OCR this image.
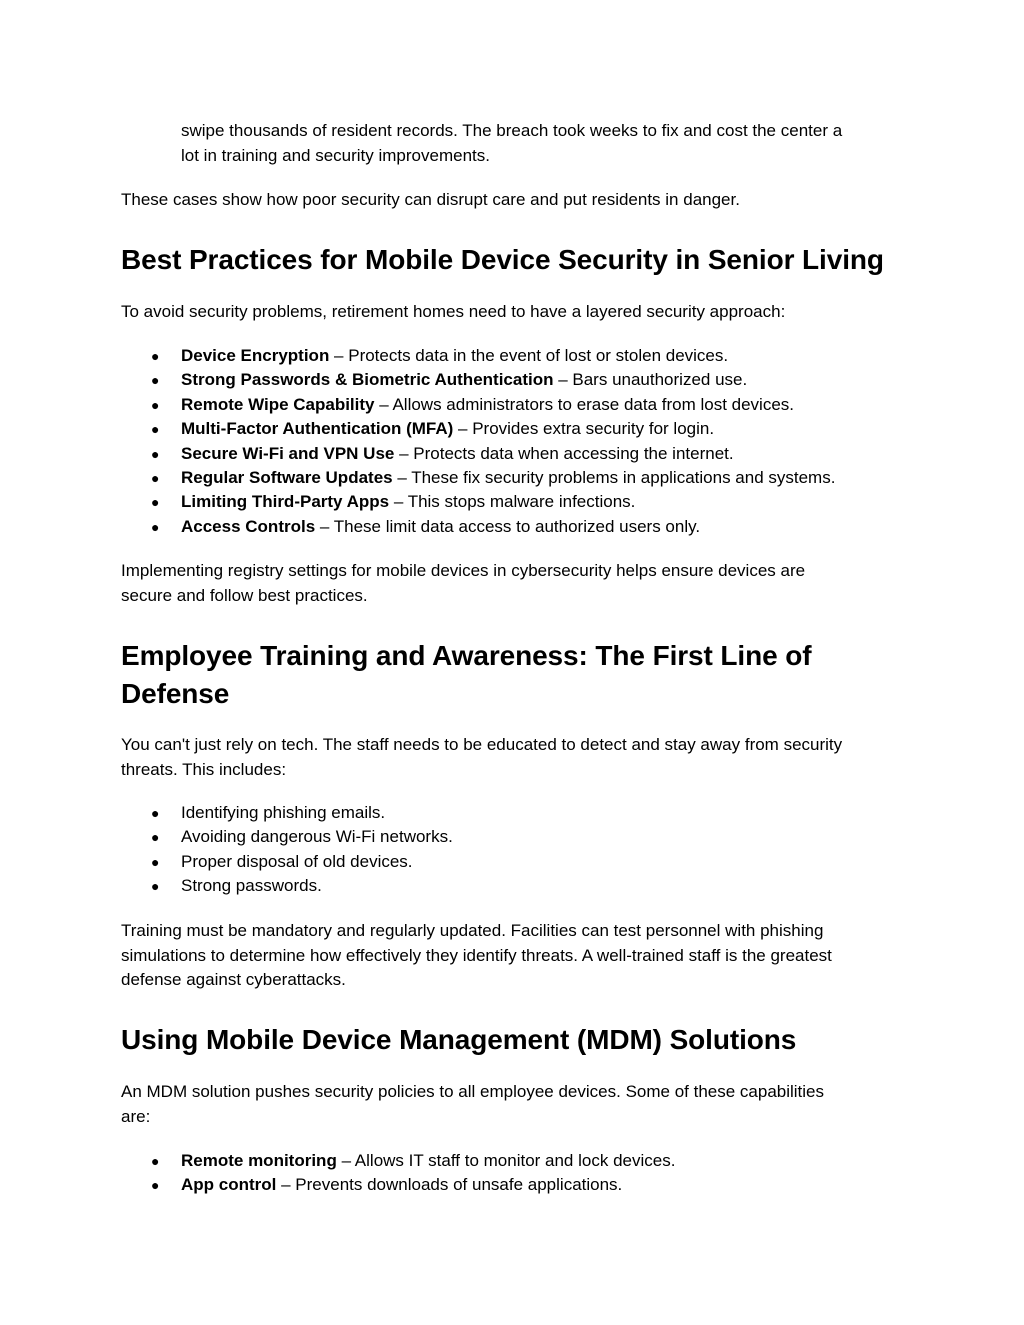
swipe thousands of resident records. The breach took weeks to fix and cost the center a
lot in training and security improvements.

These cases show how poor security can disrupt care and put residents in danger.

Best Practices for Mobile Device Security in Senior Living

To avoid security problems, retirement homes need to have a layered security approach:

● Device Encryption – Protects data in the event of lost or stolen devices.
● Strong Passwords & Biometric Authentication – Bars unauthorized use.
● Remote Wipe Capability – Allows administrators to erase data from lost devices.
● Multi-Factor Authentication (MFA) – Provides extra security for login.
● Secure Wi-Fi and VPN Use – Protects data when accessing the internet.
● Regular Software Updates – These fix security problems in applications and systems.
● Limiting Third-Party Apps – This stops malware infections.
● Access Controls – These limit data access to authorized users only.

Implementing registry settings for mobile devices in cybersecurity helps ensure devices are
secure and follow best practices.

Employee Training and Awareness: The First Line of
Defense

You can't just rely on tech. The staff needs to be educated to detect and stay away from security
threats. This includes:

● Identifying phishing emails.
● Avoiding dangerous Wi-Fi networks.
● Proper disposal of old devices.
● Strong passwords.

Training must be mandatory and regularly updated. Facilities can test personnel with phishing
simulations to determine how effectively they identify threats. A well-trained staff is the greatest
defense against cyberattacks.

Using Mobile Device Management (MDM) Solutions

An MDM solution pushes security policies to all employee devices. Some of these capabilities
are:

● Remote monitoring – Allows IT staff to monitor and lock devices.
● App control – Prevents downloads of unsafe applications.
